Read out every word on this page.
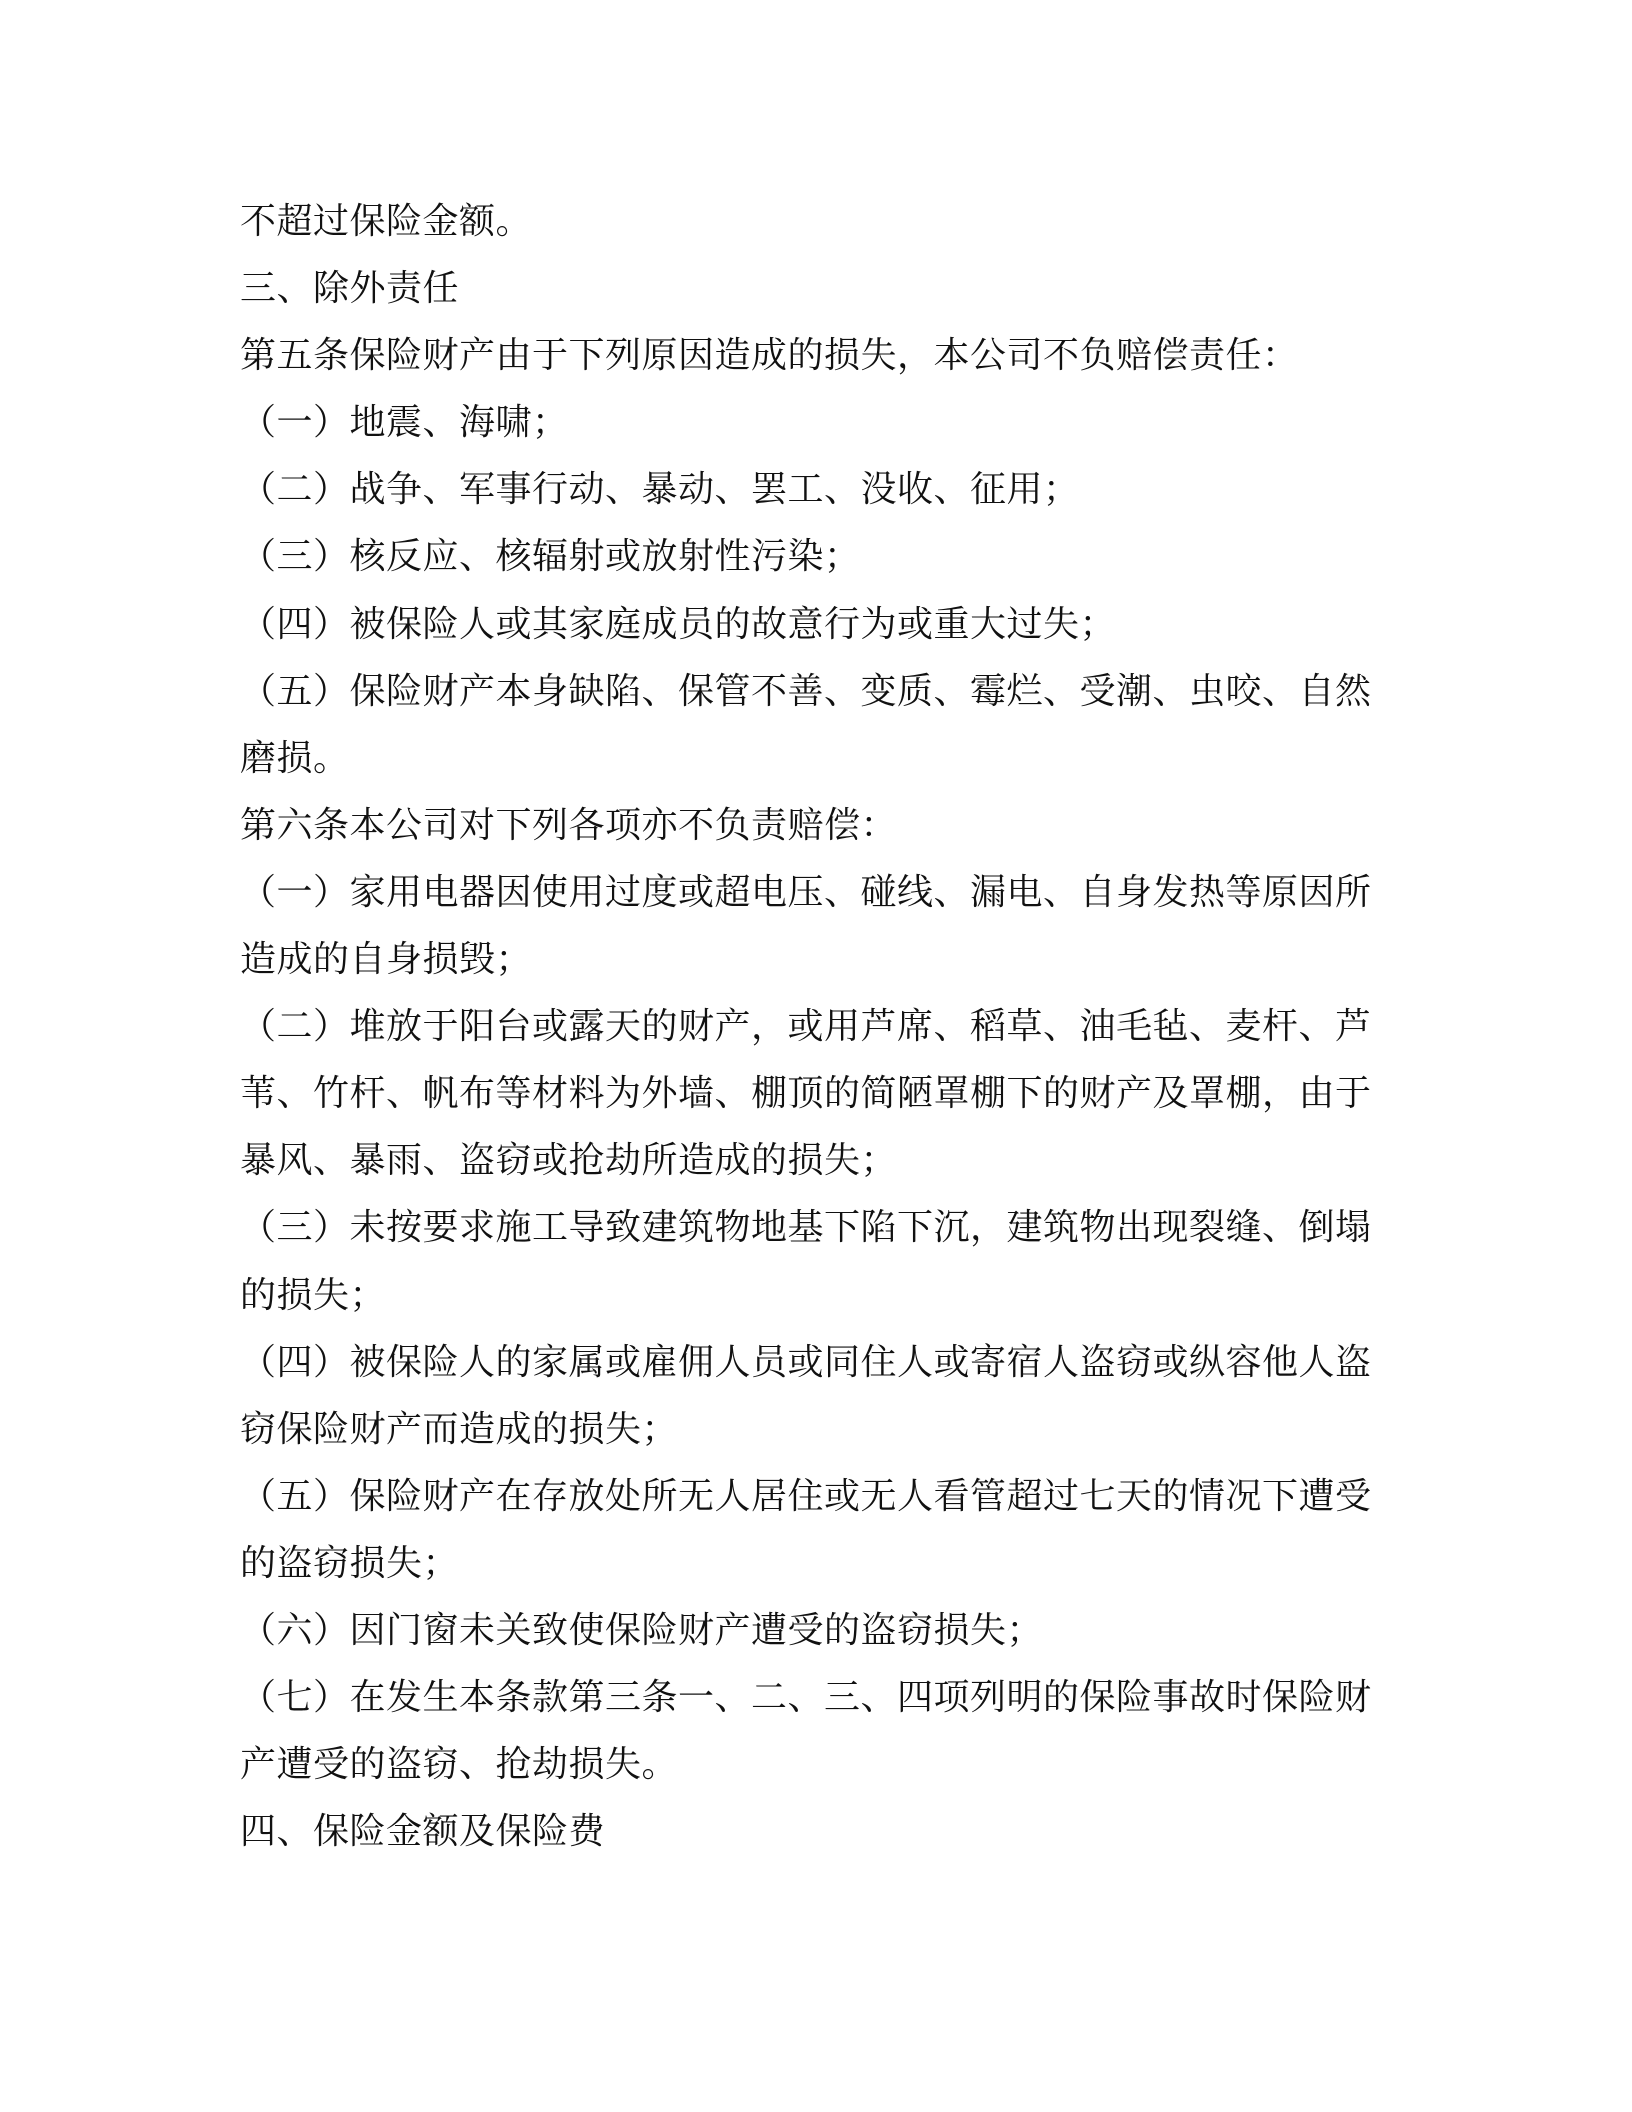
不超过保险金额。
三、除外责任
第五条保险财产由于下列原因造成的损失，本公司不负赔偿责任：
（一）地震、海啸；
（二）战争、军事行动、暴动、罢工、没收、征用；
（三）核反应、核辐射或放射性污染；
（四）被保险人或其家庭成员的故意行为或重大过失；
（五）保险财产本身缺陷、保管不善、变质、霉烂、受潮、虫咬、自然
磨损。
第六条本公司对下列各项亦不负责赔偿：
（一）家用电器因使用过度或超电压、碰线、漏电、自身发热等原因所
造成的自身损毁；
（二）堆放于阳台或露天的财产，或用芦席、稻草、油毛毡、麦杆、芦
苇、竹杆、帆布等材料为外墙、棚顶的简陋罩棚下的财产及罩棚，由于
暴风、暴雨、盗窃或抢劫所造成的损失；
（三）未按要求施工导致建筑物地基下陷下沉，建筑物出现裂缝、倒塌
的损失；
（四）被保险人的家属或雇佣人员或同住人或寄宿人盗窃或纵容他人盗
窃保险财产而造成的损失；
（五）保险财产在存放处所无人居住或无人看管超过七天的情况下遭受
的盗窃损失；
（六）因门窗未关致使保险财产遭受的盗窃损失；
（七）在发生本条款第三条一、二、三、四项列明的保险事故时保险财
产遭受的盗窃、抢劫损失。
四、保险金额及保险费
